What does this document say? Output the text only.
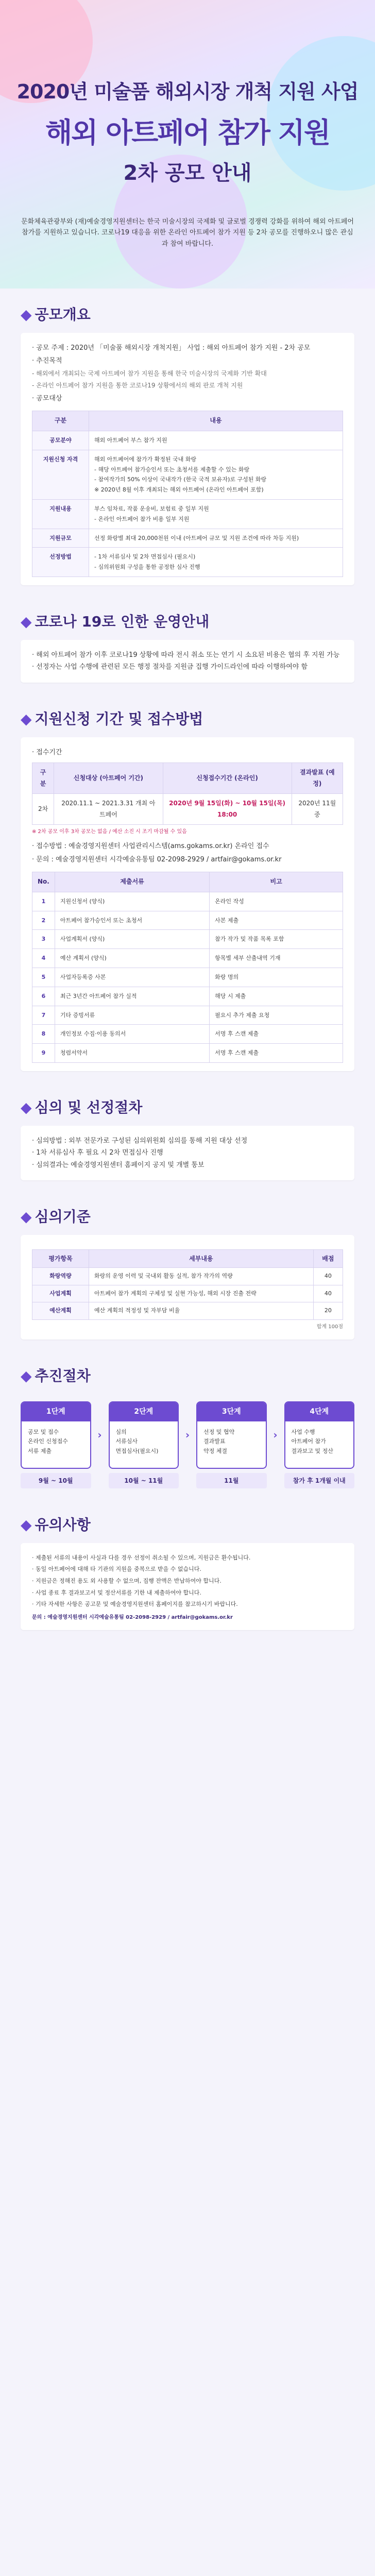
2020년 미술품 해외시장 개척 지원 사업
해외 아트페어 참가 지원
2차 공모 안내

문화체육관광부와 (재)예술경영지원센터는 한국 미술시장의 국제화 및 글로벌 경쟁력 강화를 위하여 해외 아트페어 참가를 지원하고 있습니다. 코로나19 대응을 위한 온라인 아트페어 참가 지원 등 2차 공모를 진행하오니 많은 관심과 참여 바랍니다.

◆ 공모개요

· 공모 주제 : 2020년 「미술품 해외시장 개척지원」 사업 : 해외 아트페어 참가 지원 - 2차 공모

· 추진목적

- 해외에서 개최되는 국제 아트페어 참가 지원을 통해 한국 미술시장의 국제화 기반 확대

- 온라인 아트페어 참가 지원을 통한 코로나19 상황에서의 해외 판로 개척 지원

· 공모대상

구분	내용
공모분야	해외 아트페어 부스 참가 지원
지원신청 자격	해외 아트페어에 참가가 확정된 국내 화랑
- 해당 아트페어 참가승인서 또는 초청서를 제출할 수 있는 화랑
- 참여작가의 50% 이상이 국내작가 (한국 국적 보유자)로 구성된 화랑
※ 2020년 8월 이후 개최되는 해외 아트페어 (온라인 아트페어 포함)
지원내용	부스 임차료, 작품 운송비, 보험료 중 일부 지원
- 온라인 아트페어 참가 비용 일부 지원
지원규모	선정 화랑별 최대 20,000천원 이내 (아트페어 규모 및 지원 조건에 따라 차등 지원)
선정방법	- 1차 서류심사 및 2차 면접심사 (필요시)
- 심의위원회 구성을 통한 공정한 심사 진행
◆ 코로나 19로 인한 운영안내

· 해외 아트페어 참가 이후 코로나19 상황에 따라 전시 취소 또는 연기 시 소요된 비용은 협의 후 지원 가능
· 선정자는 사업 수행에 관련된 모든 행정 절차를 지원금 집행 가이드라인에 따라 이행하여야 함

◆ 지원신청 기간 및 접수방법

· 접수기간

구분	신청대상 (아트페어 기간)	신청접수기간 (온라인)	결과발표 (예정)
2차	2020.11.1 ~ 2021.3.31 개최 아트페어	2020년 9월 15일(화) ~ 10월 15일(목) 18:00	2020년 11월 중

※ 2차 공모 이후 3차 공모는 없음 / 예산 소진 시 조기 마감될 수 있음

· 접수방법 : 예술경영지원센터 사업관리시스템(ams.gokams.or.kr) 온라인 접수

· 문의 : 예술경영지원센터 시각예술유통팀 02-2098-2929 / artfair@gokams.or.kr

No.	제출서류	비고
1	지원신청서 (양식)	온라인 작성
2	아트페어 참가승인서 또는 초청서	사본 제출
3	사업계획서 (양식)	참가 작가 및 작품 목록 포함
4	예산 계획서 (양식)	항목별 세부 산출내역 기재
5	사업자등록증 사본	화랑 명의
6	최근 3년간 아트페어 참가 실적	해당 시 제출
7	기타 증빙서류	필요시 추가 제출 요청
8	개인정보 수집·이용 동의서	서명 후 스캔 제출
9	청렴서약서	서명 후 스캔 제출
◆ 심의 및 선정절차

· 심의방법 : 외부 전문가로 구성된 심의위원회 심의를 통해 지원 대상 선정
· 1차 서류심사 후 필요 시 2차 면접심사 진행
· 심의결과는 예술경영지원센터 홈페이지 공지 및 개별 통보

◆ 심의기준
평가항목	세부내용	배점
화랑역량	화랑의 운영 이력 및 국내외 활동 실적, 참가 작가의 역량	40
사업계획	아트페어 참가 계획의 구체성 및 실현 가능성, 해외 시장 진출 전략	40
예산계획	예산 계획의 적정성 및 자부담 비율	20

합계 100점

◆ 추진절차
1단계
공모 및 접수
온라인 신청접수
서류 제출
›
2단계
심의
서류심사
면접심사(필요시)
›
3단계
선정 및 협약
결과발표
약정 체결
›
4단계
사업 수행
아트페어 참가
결과보고 및 정산
9월 ~ 10월	10월 ~ 11월	11월	참가 후 1개월 이내
◆ 유의사항
· 제출된 서류의 내용이 사실과 다를 경우 선정이 취소될 수 있으며, 지원금은 환수됩니다.
· 동일 아트페어에 대해 타 기관의 지원을 중복으로 받을 수 없습니다.
· 지원금은 정해진 용도 외 사용할 수 없으며, 집행 잔액은 반납하여야 합니다.
· 사업 종료 후 결과보고서 및 정산서류를 기한 내 제출하여야 합니다.
· 기타 자세한 사항은 공고문 및 예술경영지원센터 홈페이지를 참고하시기 바랍니다.

문의 : 예술경영지원센터 시각예술유통팀 02-2098-2929 / artfair@gokams.or.kr
